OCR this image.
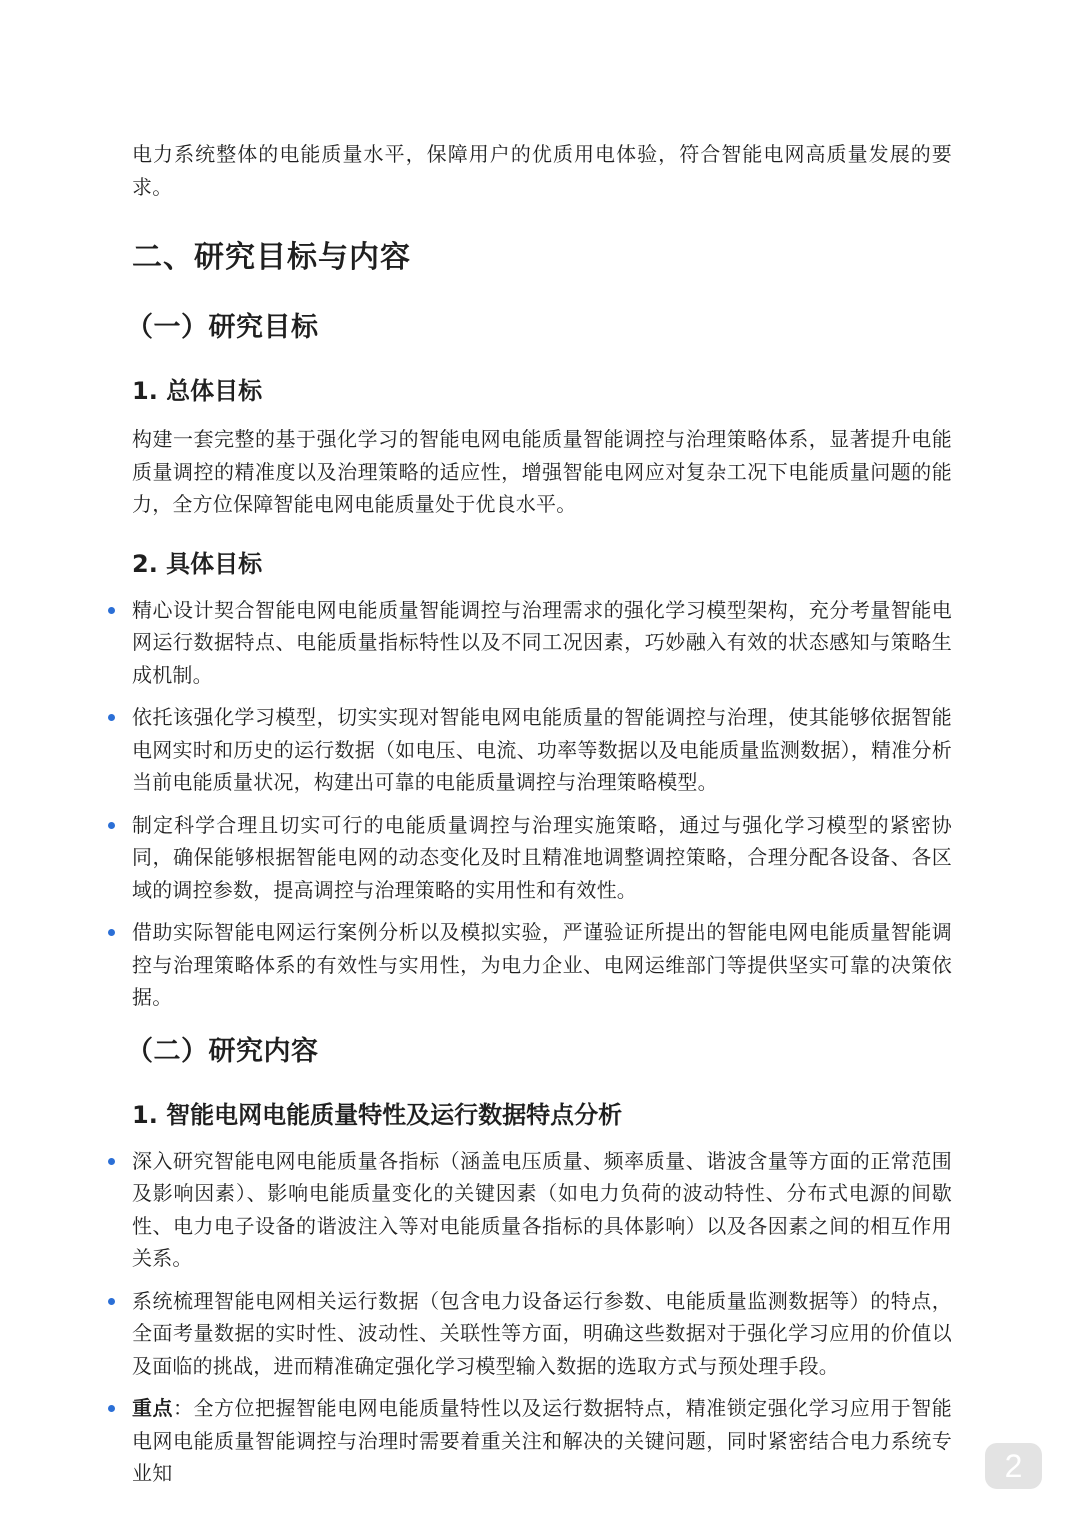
电力系统整体的电能质量水平，保障用户的优质用电体验，符合智能电网高质量发展的要求。

二、研究目标与内容
（一）研究目标
1. 总体目标

构建一套完整的基于强化学习的智能电网电能质量智能调控与治理策略体系，显著提升电能质量调控的精准度以及治理策略的适应性，增强智能电网应对复杂工况下电能质量问题的能力，全方位保障智能电网电能质量处于优良水平。

2. 具体目标
精心设计契合智能电网电能质量智能调控与治理需求的强化学习模型架构，充分考量智能电网运行数据特点、电能质量指标特性以及不同工况因素，巧妙融入有效的状态感知与策略生成机制。
依托该强化学习模型，切实实现对智能电网电能质量的智能调控与治理，使其能够依据智能电网实时和历史的运行数据（如电压、电流、功率等数据以及电能质量监测数据），精准分析当前电能质量状况，构建出可靠的电能质量调控与治理策略模型。
制定科学合理且切实可行的电能质量调控与治理实施策略，通过与强化学习模型的紧密协同，确保能够根据智能电网的动态变化及时且精准地调整调控策略，合理分配各设备、各区域的调控参数，提高调控与治理策略的实用性和有效性。
借助实际智能电网运行案例分析以及模拟实验，严谨验证所提出的智能电网电能质量智能调控与治理策略体系的有效性与实用性，为电力企业、电网运维部门等提供坚实可靠的决策依据。
（二）研究内容
1. 智能电网电能质量特性及运行数据特点分析
深入研究智能电网电能质量各指标（涵盖电压质量、频率质量、谐波含量等方面的正常范围及影响因素）、影响电能质量变化的关键因素（如电力负荷的波动特性、分布式电源的间歇性、电力电子设备的谐波注入等对电能质量各指标的具体影响）以及各因素之间的相互作用关系。
系统梳理智能电网相关运行数据（包含电力设备运行参数、电能质量监测数据等）的特点，全面考量数据的实时性、波动性、关联性等方面，明确这些数据对于强化学习应用的价值以及面临的挑战，进而精准确定强化学习模型输入数据的选取方式与预处理手段。
重点：全方位把握智能电网电能质量特性以及运行数据特点，精准锁定强化学习应用于智能电网电能质量智能调控与治理时需要着重关注和解决的关键问题，同时紧密结合电力系统专业知	2
